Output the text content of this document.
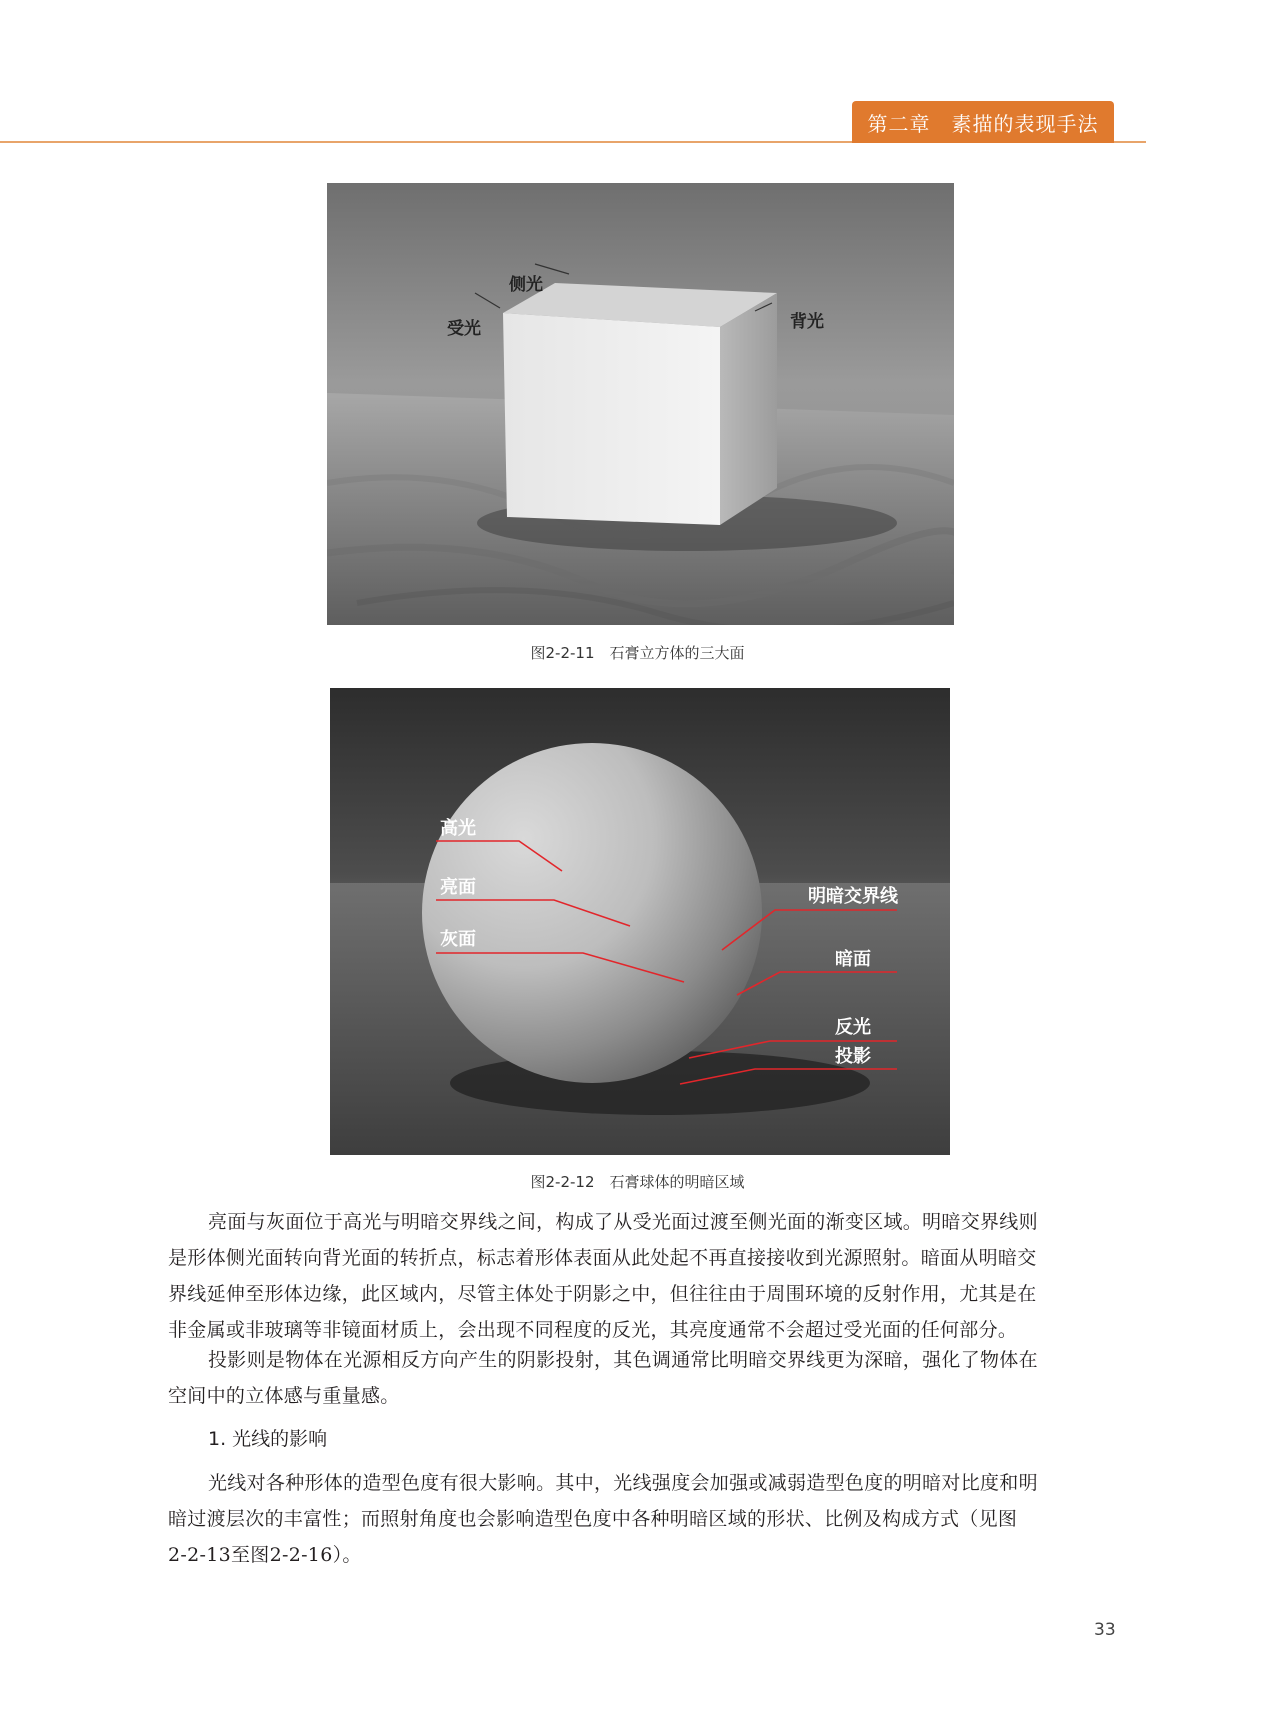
第二章　素描的表现手法
侧光
受光	背光
图2-2-11　石膏立方体的三大面
高光
亮面
灰面
明暗交界线
暗面
反光
投影
图2-2-12　石膏球体的明暗区域
亮面与灰面位于高光与明暗交界线之间，构成了从受光面过渡至侧光面的渐变区域。明暗交界线则
是形体侧光面转向背光面的转折点，标志着形体表面从此处起不再直接接收到光源照射。暗面从明暗交
界线延伸至形体边缘，此区域内，尽管主体处于阴影之中，但往往由于周围环境的反射作用，尤其是在
非金属或非玻璃等非镜面材质上，会出现不同程度的反光，其亮度通常不会超过受光面的任何部分。
投影则是物体在光源相反方向产生的阴影投射，其色调通常比明暗交界线更为深暗，强化了物体在
空间中的立体感与重量感。
1. 光线的影响
光线对各种形体的造型色度有很大影响。其中，光线强度会加强或减弱造型色度的明暗对比度和明
暗过渡层次的丰富性；而照射角度也会影响造型色度中各种明暗区域的形状、比例及构成方式（见图
2-2-13至图2-2-16）。
33
